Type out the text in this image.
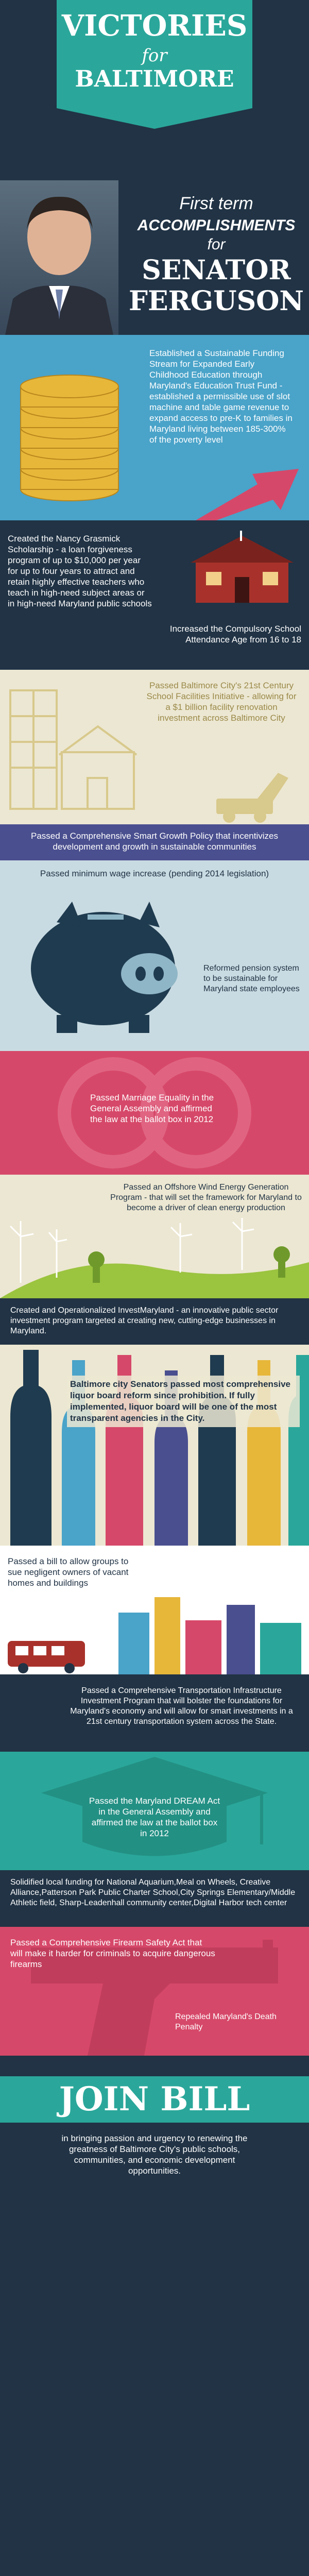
VICTORIES
for
BALTIMORE
First term
ACCOMPLISHMENTS
for
SENATOR
FERGUSON
Established a Sustainable Funding Stream for Expanded Early Childhood Education through Maryland's Education Trust Fund - established a permissible use of slot machine and table game revenue to expand access to pre-K to families in Maryland living between 185-300% of the poverty level
Created the Nancy Grasmick Scholarship - a loan forgiveness program of up to $10,000 per year for up to four years to attract and retain highly effective teachers who teach in high-need subject areas or in high-need Maryland public schools
Increased the Compulsory School Attendance Age from 16 to 18
Passed Baltimore City's 21st Century School Facilities Initiative - allowing for a $1 billion facility renovation investment across Baltimore City
Passed a Comprehensive Smart Growth Policy that incentivizes development and growth in sustainable communities
Passed minimum wage increase (pending 2014 legislation)
Reformed pension system to be sustainable for Maryland state employees
Passed Marriage Equality in the General Assembly and affirmed the law at the ballot box in 2012
Passed an Offshore Wind Energy Generation Program - that will set the framework for Maryland to become a driver of clean energy production
Created and Operationalized InvestMaryland - an innovative public sector investment program targeted at creating new, cutting-edge businesses in Maryland.
Baltimore city Senators passed most comprehensive liquor board reform since prohibition. If fully implemented, liquor board will be one of the most transparent agencies in the City.
Passed a bill to allow groups to sue negligent owners of vacant homes and buildings
Passed a Comprehensive Transportation Infrastructure Investment Program that will bolster the foundations for Maryland's economy and will allow for smart investments in a 21st century transportation system across the State.
Passed the Maryland DREAM Act in the General Assembly and affirmed the law at the ballot box in 2012
Solidified local funding for National Aquarium,Meal on Wheels, Creative Alliance,Patterson Park Public Charter School,City Springs Elementary/Middle Athletic field, Sharp-Leadenhall community center,Digital Harbor tech center
Passed a Comprehensive Firearm Safety Act that will make it harder for criminals to acquire dangerous firearms
Repealed Maryland's Death Penalty
JOIN BILL
in bringing passion and urgency to renewing the greatness of Baltimore City's public schools, communities, and economic development opportunities.
